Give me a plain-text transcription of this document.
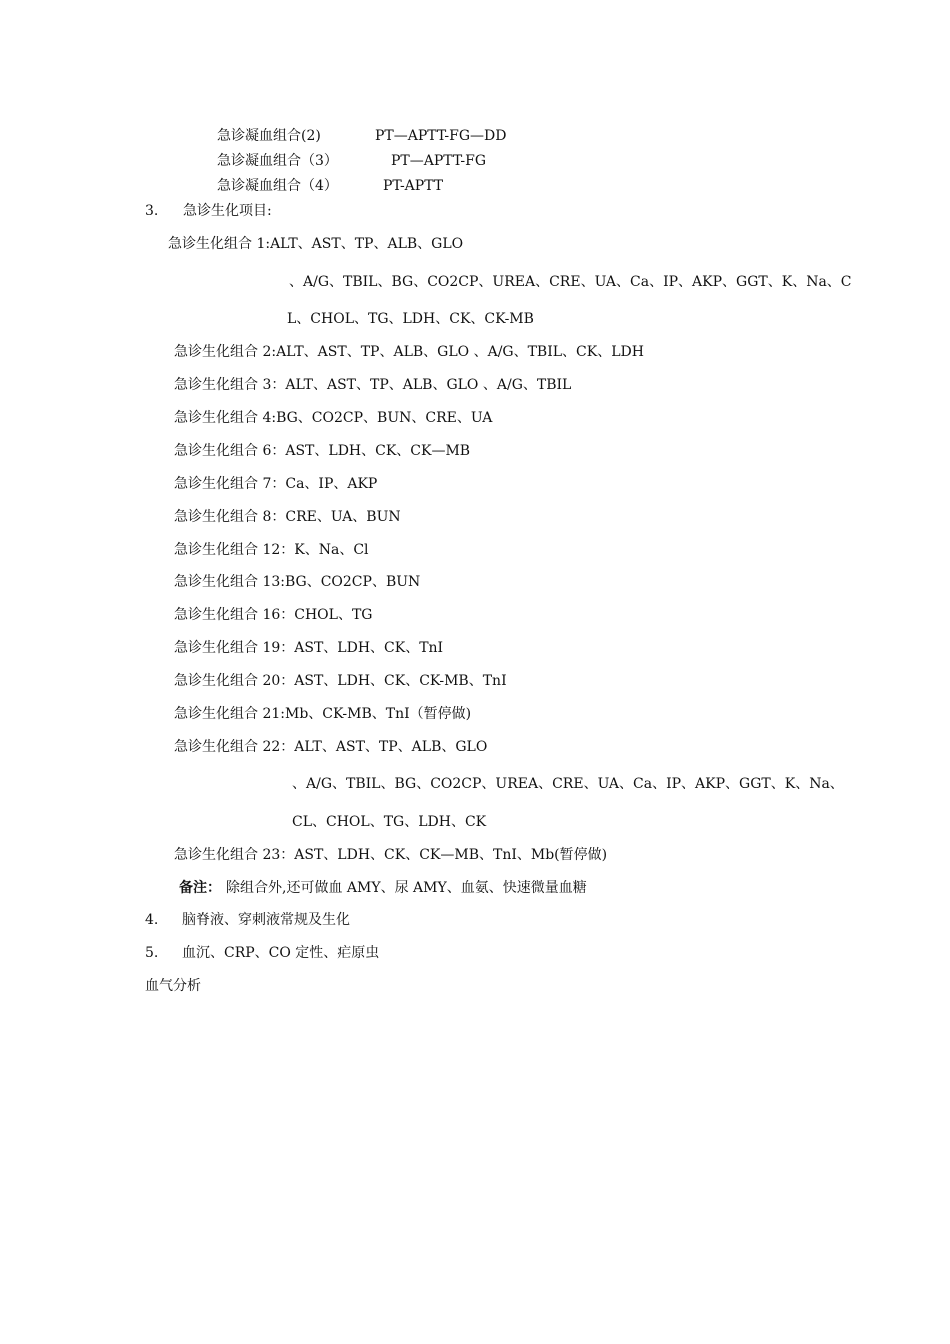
急诊凝血组合(2)	PT—APTT-FG—DD
急诊凝血组合（3）	PT—APTT-FG
急诊凝血组合（4）	PT-APTT
3. 急诊生化项目:
急诊生化组合 1:ALT、AST、TP、ALB、GLO
、A/G、TBIL、BG、CO2CP、UREA、CRE、UA、Ca、IP、AKP、GGT、K、Na、C
L、CHOL、TG、LDH、CK、CK-MB
急诊生化组合 2:ALT、AST、TP、ALB、GLO 、A/G、TBIL、CK、LDH
急诊生化组合 3：ALT、AST、TP、ALB、GLO 、A/G、TBIL
急诊生化组合 4:BG、CO2CP、BUN、CRE、UA
急诊生化组合 6：AST、LDH、CK、CK—MB
急诊生化组合 7：Ca、IP、AKP
急诊生化组合 8：CRE、UA、BUN
急诊生化组合 12：K、Na、Cl
急诊生化组合 13:BG、CO2CP、BUN
急诊生化组合 16：CHOL、TG
急诊生化组合 19：AST、LDH、CK、TnI
急诊生化组合 20：AST、LDH、CK、CK-MB、TnI
急诊生化组合 21:Mb、CK-MB、TnI（暂停做)
急诊生化组合 22：ALT、AST、TP、ALB、GLO
、A/G、TBIL、BG、CO2CP、UREA、CRE、UA、Ca、IP、AKP、GGT、K、Na、
CL、CHOL、TG、LDH、CK
急诊生化组合 23：AST、LDH、CK、CK—MB、TnI、Mb(暂停做)
备注： 除组合外,还可做血 AMY、尿 AMY、血氨、快速微量血糖
4. 脑脊液、穿刺液常规及生化
5. 血沉、CRP、CO 定性、疟原虫
血气分析
